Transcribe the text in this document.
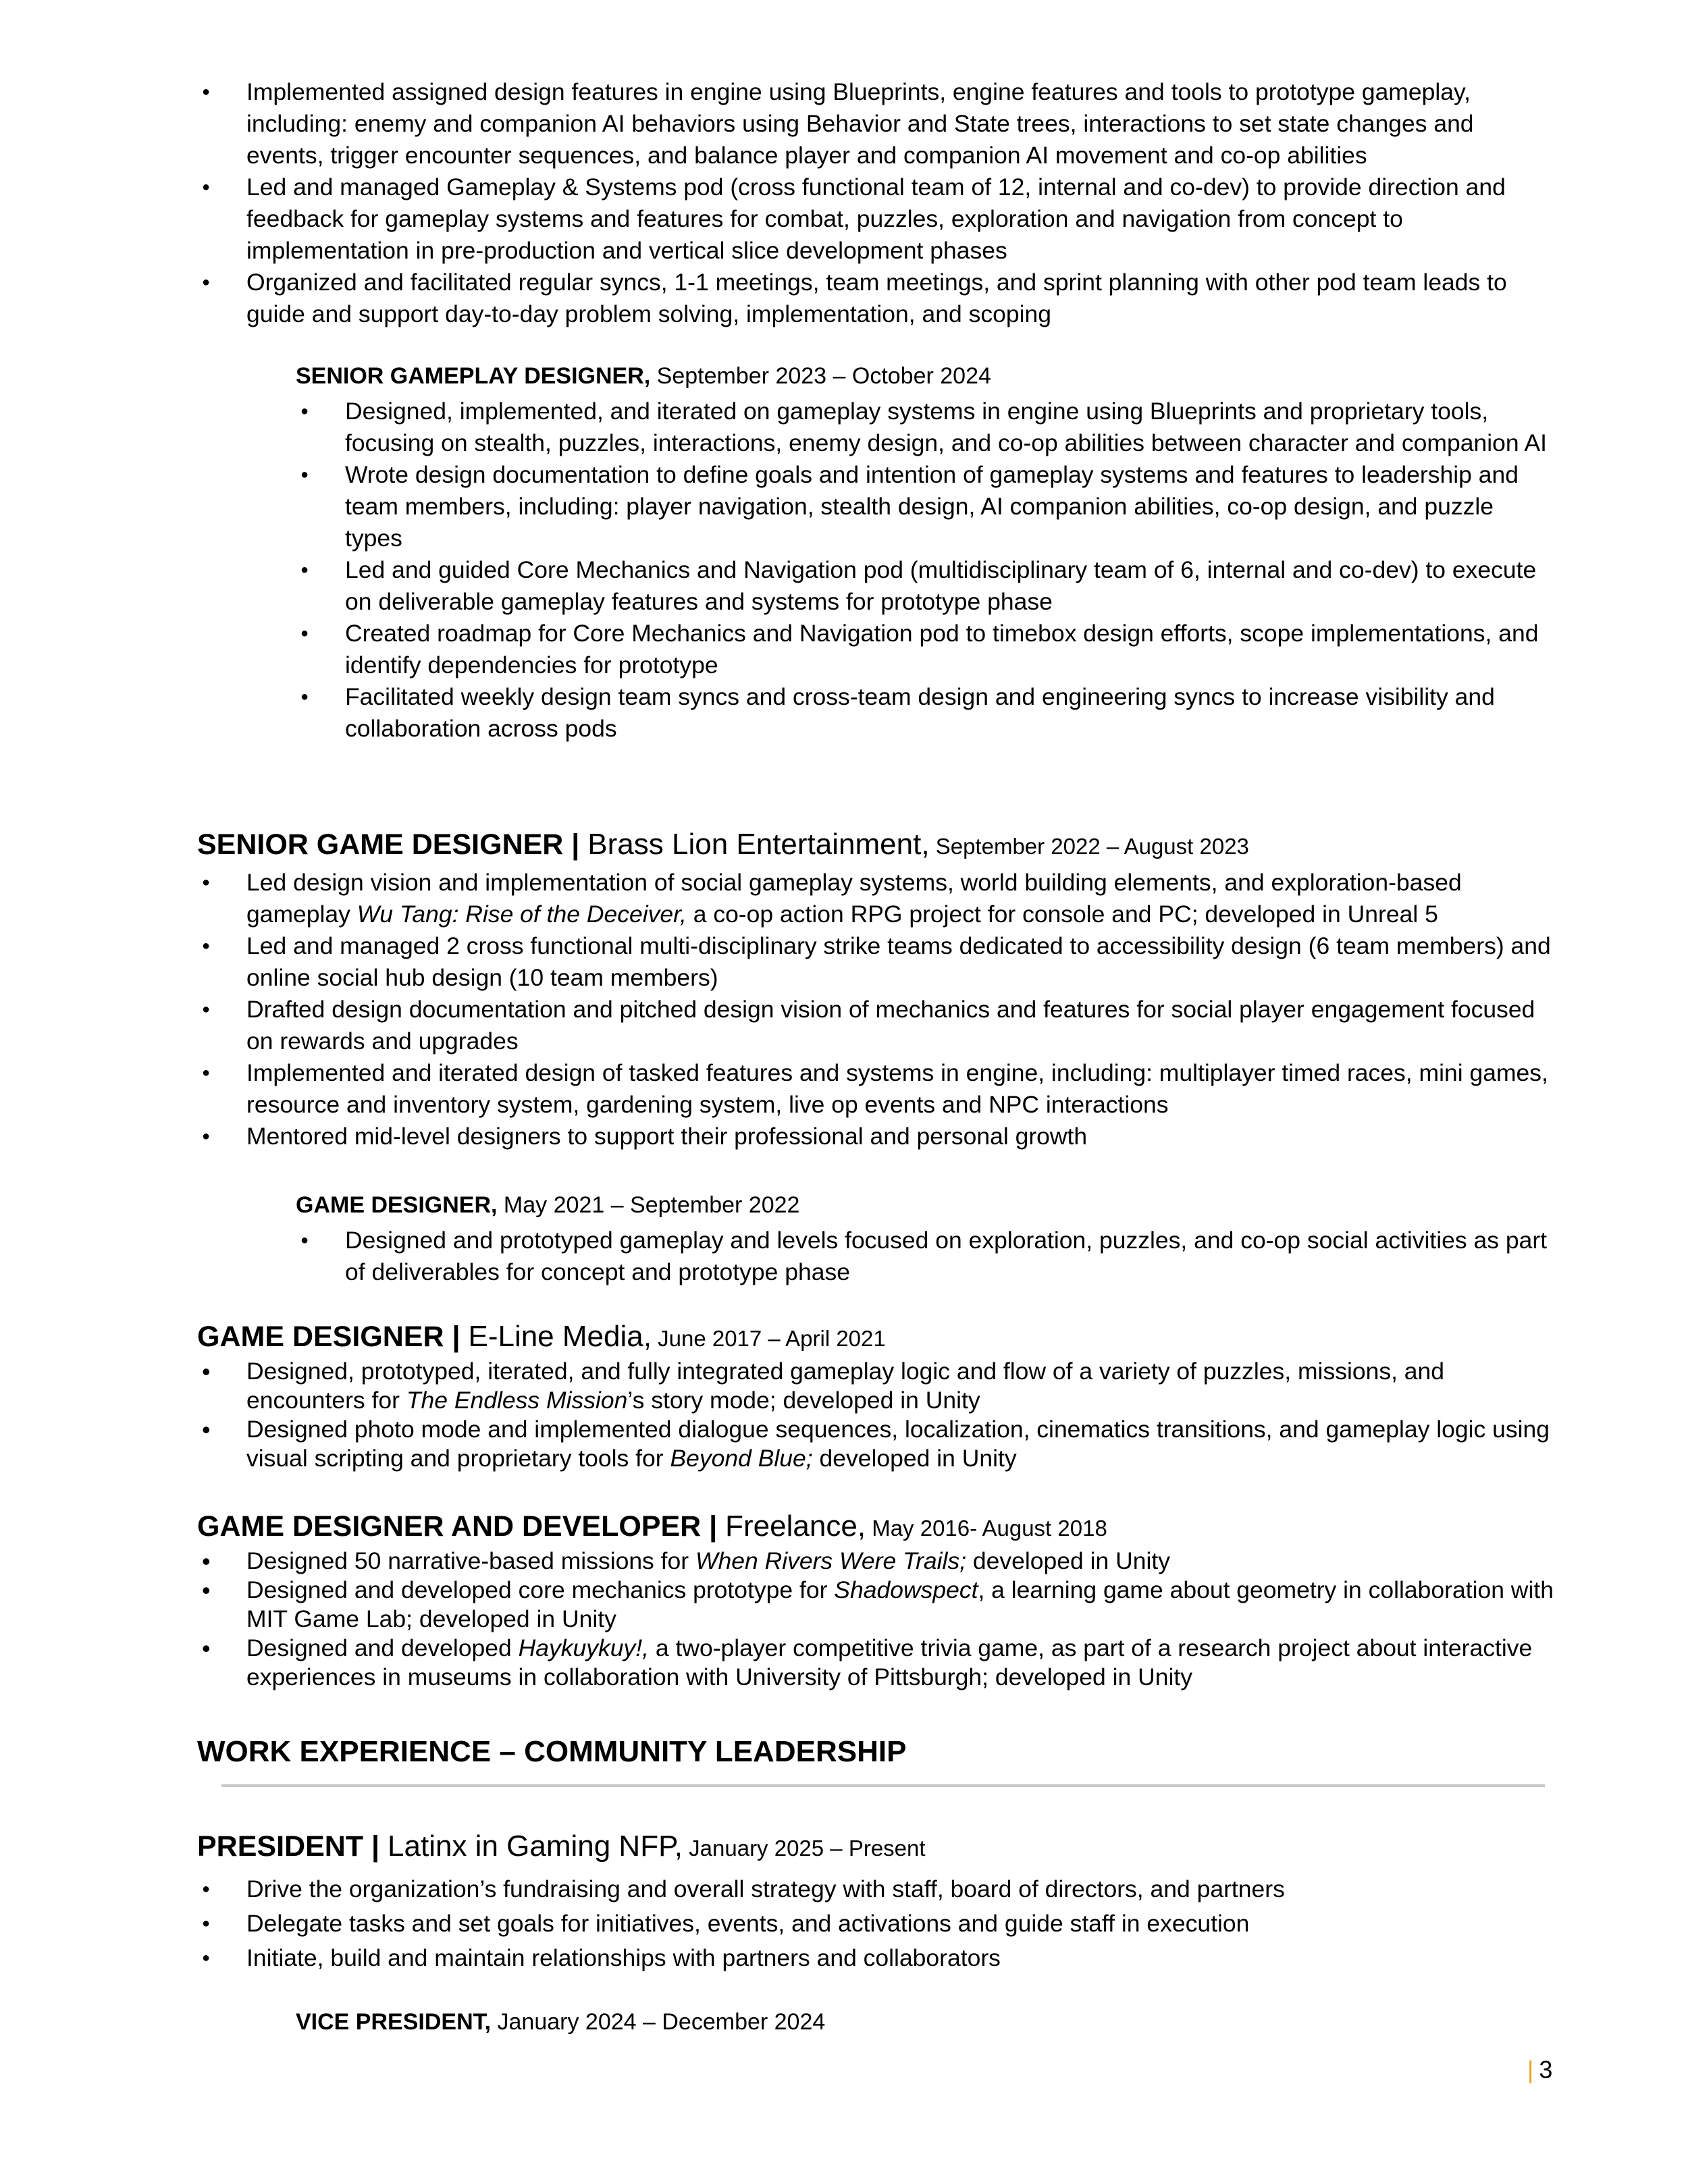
● Implemented assigned design features in engine using Blueprints, engine features and tools to prototype gameplay, including: enemy and companion AI behaviors using Behavior and State trees, interactions to set state changes and events, trigger encounter sequences, and balance player and companion AI movement and co-op abilities
● Led and managed Gameplay & Systems pod (cross functional team of 12, internal and co-dev) to provide direction and feedback for gameplay systems and features for combat, puzzles, exploration and navigation from concept to implementation in pre-production and vertical slice development phases
● Organized and facilitated regular syncs, 1-1 meetings, team meetings, and sprint planning with other pod team leads to guide and support day-to-day problem solving, implementation, and scoping
SENIOR GAMEPLAY DESIGNER, September 2023 – October 2024
● Designed, implemented, and iterated on gameplay systems in engine using Blueprints and proprietary tools, focusing on stealth, puzzles, interactions, enemy design, and co-op abilities between character and companion AI
● Wrote design documentation to define goals and intention of gameplay systems and features to leadership and team members, including: player navigation, stealth design, AI companion abilities, co-op design, and puzzle types
● Led and guided Core Mechanics and Navigation pod (multidisciplinary team of 6, internal and co-dev) to execute on deliverable gameplay features and systems for prototype phase
● Created roadmap for Core Mechanics and Navigation pod to timebox design efforts, scope implementations, and identify dependencies for prototype
● Facilitated weekly design team syncs and cross-team design and engineering syncs to increase visibility and collaboration across pods
SENIOR GAME DESIGNER | Brass Lion Entertainment, September 2022 – August 2023
● Led design vision and implementation of social gameplay systems, world building elements, and exploration-based gameplay Wu Tang: Rise of the Deceiver, a co-op action RPG project for console and PC; developed in Unreal 5
● Led and managed 2 cross functional multi-disciplinary strike teams dedicated to accessibility design (6 team members) and online social hub design (10 team members)
● Drafted design documentation and pitched design vision of mechanics and features for social player engagement focused on rewards and upgrades
● Implemented and iterated design of tasked features and systems in engine, including: multiplayer timed races, mini games, resource and inventory system, gardening system, live op events and NPC interactions
● Mentored mid-level designers to support their professional and personal growth
GAME DESIGNER, May 2021 – September 2022
● Designed and prototyped gameplay and levels focused on exploration, puzzles, and co-op social activities as part of deliverables for concept and prototype phase
GAME DESIGNER | E-Line Media, June 2017 – April 2021
• Designed, prototyped, iterated, and fully integrated gameplay logic and flow of a variety of puzzles, missions, and encounters for The Endless Mission’s story mode; developed in Unity
• Designed photo mode and implemented dialogue sequences, localization, cinematics transitions, and gameplay logic using visual scripting and proprietary tools for Beyond Blue; developed in Unity
GAME DESIGNER AND DEVELOPER | Freelance, May 2016- August 2018
• Designed 50 narrative-based missions for When Rivers Were Trails; developed in Unity
• Designed and developed core mechanics prototype for Shadowspect, a learning game about geometry in collaboration with MIT Game Lab; developed in Unity
• Designed and developed Haykuykuy!, a two-player competitive trivia game, as part of a research project about interactive experiences in museums in collaboration with University of Pittsburgh; developed in Unity
WORK EXPERIENCE – COMMUNITY LEADERSHIP
PRESIDENT | Latinx in Gaming NFP, January 2025 – Present
● Drive the organization’s fundraising and overall strategy with staff, board of directors, and partners
● Delegate tasks and set goals for initiatives, events, and activations and guide staff in execution
● Initiate, build and maintain relationships with partners and collaborators
VICE PRESIDENT, January 2024 – December 2024
| 3
